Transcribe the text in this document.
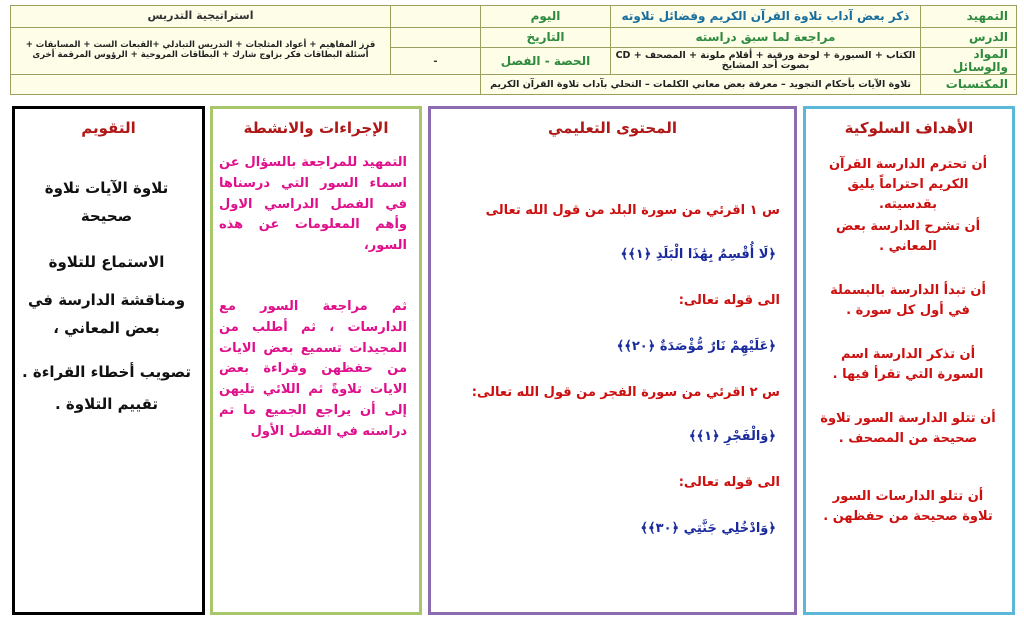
التمهيد	ذكر بعض آداب تلاوة القرآن الكريم وفضائل تلاوته	اليوم		استراتيجية التدريس
الدرس	مراجعة لما سبق دراسته	التاريخ		قرز المفاهيم + أعواد المثلجات + التدريس التبادلي +القبعات الست + المسابقات + أسئلة البطاقات فكر بزاوج شارك + البطاقات المروحية + الرؤوس المرقمة أخرى
المواد والوسائل	الكتاب + السبورة + لوحة ورقية + أقلام ملونة + المصحف + CD بصوت أحد المشايخ	الحصة - الفصل	-	
المكتسبات	تلاوة الآيات بأحكام التجويد – معرفة بعض معاني الكلمات – التحلي بآداب تلاوة القرآن الكريم			
الأهداف السلوكية
أن تحترم الدارسة القرآن الكريم احتراماً يليق بقدسيته.
أن تشرح الدارسة بعض المعاني .
أن تبدأ الدارسة بالبسملة في أول كل سورة .
أن تذكر الدارسة اسم السورة التي تقرأ فيها .
أن تتلو الدارسة السور تلاوة صحيحة من المصحف .
أن تتلو الدارسات السور تلاوة صحيحة من حفظهن .
المحتوى التعليمي
س ١ اقرئي من سورة البلد من قول الله تعالى
﴿لَا أُقْسِمُ بِهَٰذَا الْبَلَدِ ﴿١﴾﴾
الى قوله تعالى:
﴿عَلَيْهِمْ نَارٌ مُّؤْصَدَةٌ ﴿٢٠﴾﴾
س ٢ اقرئي من سورة الفجر من قول الله تعالى:
﴿وَالْفَجْرِ ﴿١﴾﴾
الى قوله تعالى:
﴿وَادْخُلِي جَنَّتِي ﴿٣٠﴾﴾
الإجراءات والانشطة
التمهيد للمراجعة بالسؤال عن اسماء السور التي درسناها في الفصل الدراسي الاول وأهم المعلومات عن هذه السور،
ثم مراجعة السور مع الدارسات ، ثم أطلب من المجيدات تسميع بعض الايات من حفظهن وقراءة بعض الايات تلاوةً ثم اللائي تليهن إلى أن يراجع الجميع ما تم دراسته في الفصل الأول
التقويم
تلاوة الآيات تلاوة صحيحة
الاستماع للتلاوة
ومناقشة الدارسة في بعض المعاني ،
تصويب أخطاء القراءة .
تقييم التلاوة .
